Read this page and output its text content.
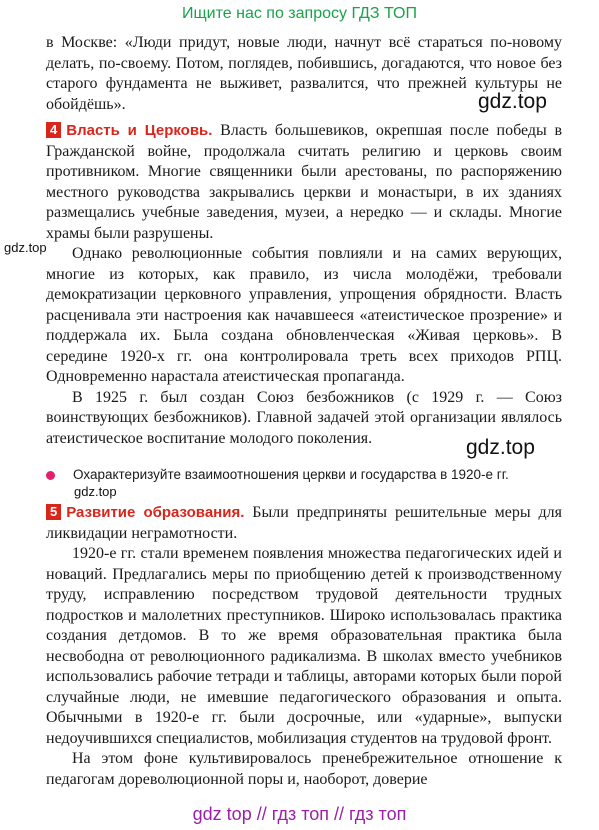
Ищите нас по запросу ГДЗ ТОП

в Москве: «Люди придут, новые люди, начнут всё стараться по-новому делать, по-своему. Потом, поглядев, побившись, догадаются, что новое без старого фундамента не выживет, развалится, что прежней культуры не обойдёшь».	gdz.top

4 Власть и Церковь. Власть большевиков, окрепшая после победы в Гражданской войне, продолжала считать религию и церковь своим противником. Многие священники были арестованы, по распоряжению местного руководства закрывались церкви и монастыри, в их зданиях размещались учебные заведения, музеи, а нередко — и склады. Многие храмы были разрушены.

Однако революционные события повлияли и на самих верующих, многие из которых, как правило, из числа молодёжи, требовали демократизации церковного управления, упрощения обрядности. Власть расценивала эти настроения как начавшееся «атеистическое прозрение» и поддержала их. Была создана обновленческая «Живая церковь». В середине 1920-х гг. она контролировала треть всех приходов РПЦ. Одновременно нарастала атеистическая пропаганда.

В 1925 г. был создан Союз безбожников (с 1929 г. — Союз воинствующих безбожников). Главной задачей этой организации являлось атеистическое воспитание молодого поколения.

gdz.top
gdz.top
Охарактеризуйте взаимоотношения церкви и государства в 1920-е гг.
gdz.top

5 Развитие образования. Были предприняты решительные меры для ликвидации неграмотности.

1920-е гг. стали временем появления множества педагогических идей и новаций. Предлагались меры по приобщению детей к производственному труду, исправлению посредством трудовой деятельности трудных подростков и малолетних преступников. Широко использовалась практика создания детдомов. В то же время образовательная практика была несвободна от революционного радикализма. В школах вместо учебников использовались рабочие тетради и таблицы, авторами которых были порой случайные люди, не имевшие педагогического образования и опыта. Обычными в 1920-е гг. были досрочные, или «ударные», выпуски недоучившихся специалистов, мобилизация студентов на трудовой фронт.

На этом фоне культивировалось пренебрежительное отношение к педагогам дореволюционной поры и, наоборот, доверие

gdz top // гдз топ // гдз топ
